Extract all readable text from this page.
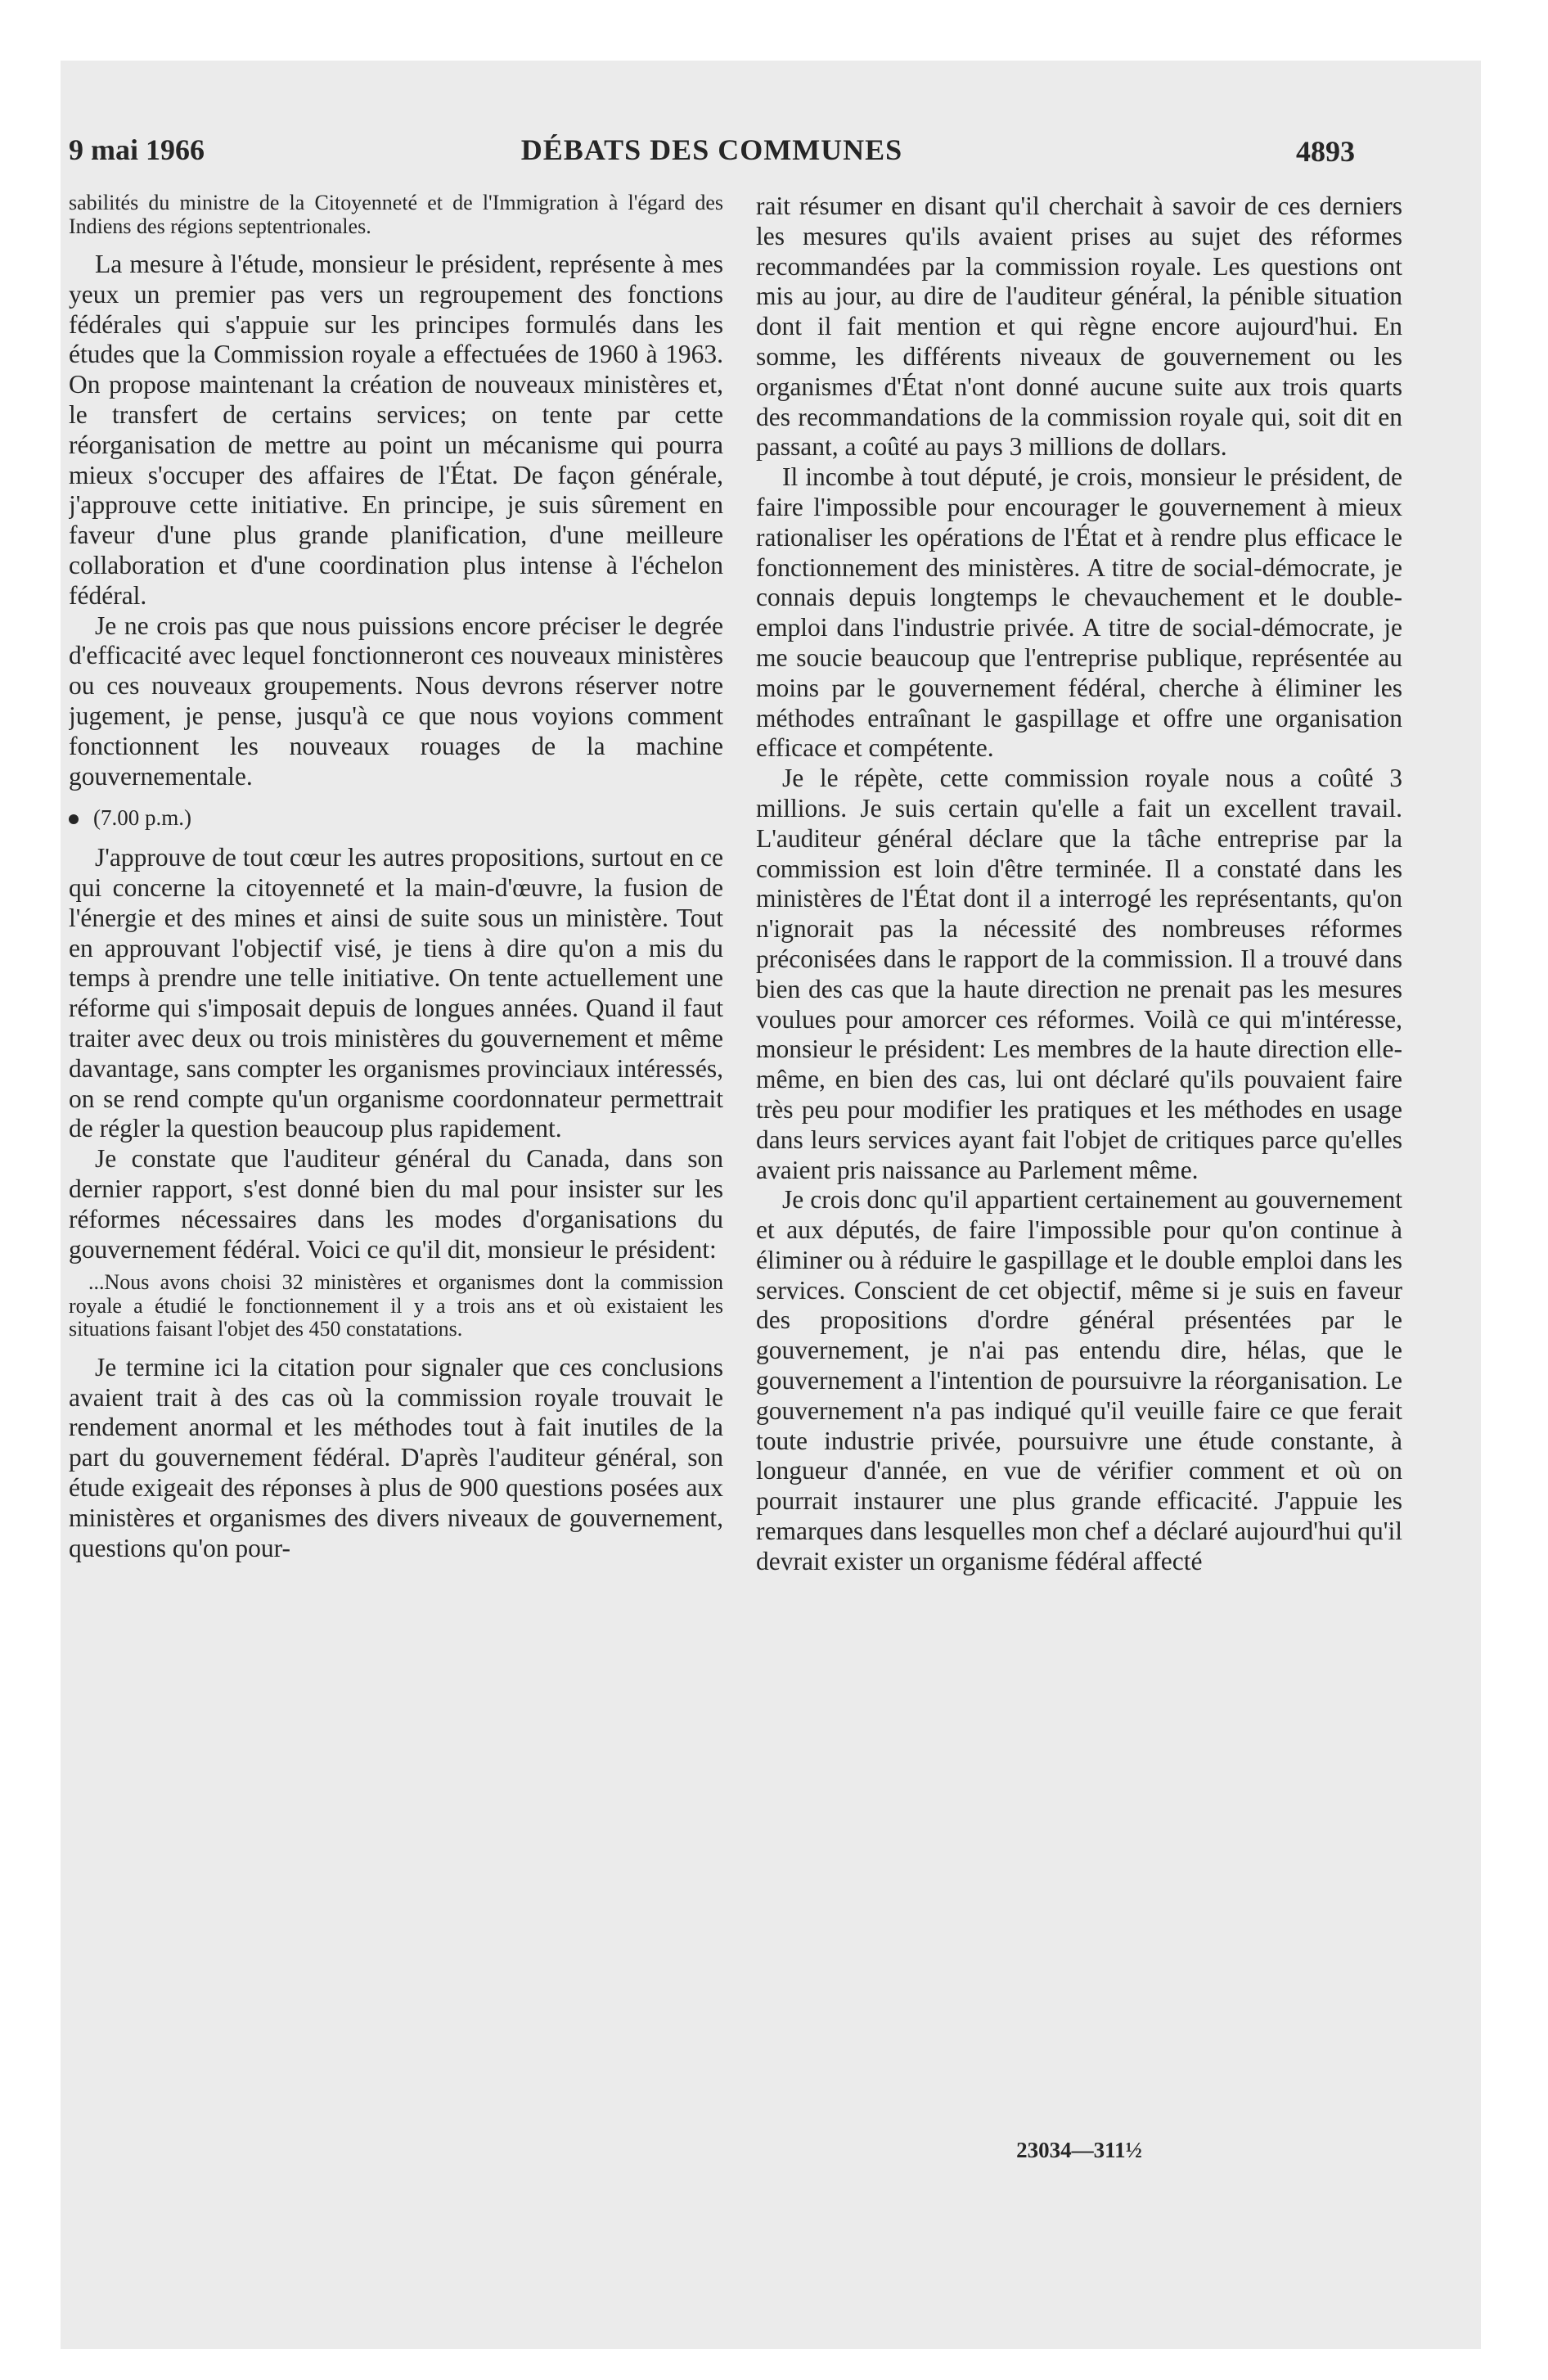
9 mai 1966	DÉBATS DES COMMUNES	4893

sabilités du ministre de la Citoyenneté et de l'Immigration à l'égard des Indiens des régions septentrionales.

La mesure à l'étude, monsieur le président, représente à mes yeux un premier pas vers un regroupement des fonctions fédérales qui s'appuie sur les principes formulés dans les études que la Commission royale a effectuées de 1960 à 1963. On propose maintenant la création de nouveaux ministères et, le transfert de certains services; on tente par cette réorganisation de mettre au point un mécanisme qui pourra mieux s'occuper des affaires de l'État. De façon générale, j'approuve cette initiative. En principe, je suis sûrement en faveur d'une plus grande planification, d'une meilleure collaboration et d'une coordination plus intense à l'échelon fédéral.

Je ne crois pas que nous puissions encore préciser le degrée d'efficacité avec lequel fonctionneront ces nouveaux ministères ou ces nouveaux groupements. Nous devrons réserver notre jugement, je pense, jusqu'à ce que nous voyions comment fonctionnent les nouveaux rouages de la machine gouvernementale.

(7.00 p.m.)

J'approuve de tout cœur les autres propositions, surtout en ce qui concerne la citoyenneté et la main-d'œuvre, la fusion de l'énergie et des mines et ainsi de suite sous un ministère. Tout en approuvant l'objectif visé, je tiens à dire qu'on a mis du temps à prendre une telle initiative. On tente actuellement une réforme qui s'imposait depuis de longues années. Quand il faut traiter avec deux ou trois ministères du gouvernement et même davantage, sans compter les organismes provinciaux intéressés, on se rend compte qu'un organisme coordonnateur permettrait de régler la question beaucoup plus rapidement.

Je constate que l'auditeur général du Canada, dans son dernier rapport, s'est donné bien du mal pour insister sur les réformes nécessaires dans les modes d'organisations du gouvernement fédéral. Voici ce qu'il dit, monsieur le président:

...Nous avons choisi 32 ministères et organismes dont la commission royale a étudié le fonctionnement il y a trois ans et où existaient les situations faisant l'objet des 450 constatations.

Je termine ici la citation pour signaler que ces conclusions avaient trait à des cas où la commission royale trouvait le rendement anormal et les méthodes tout à fait inutiles de la part du gouvernement fédéral. D'après l'auditeur général, son étude exigeait des réponses à plus de 900 questions posées aux ministères et organismes des divers niveaux de gouvernement, questions qu'on pour-

rait résumer en disant qu'il cherchait à savoir de ces derniers les mesures qu'ils avaient prises au sujet des réformes recommandées par la commission royale. Les questions ont mis au jour, au dire de l'auditeur général, la pénible situation dont il fait mention et qui règne encore aujourd'hui. En somme, les différents niveaux de gouvernement ou les organismes d'État n'ont donné aucune suite aux trois quarts des recommandations de la commission royale qui, soit dit en passant, a coûté au pays 3 millions de dollars.

Il incombe à tout député, je crois, monsieur le président, de faire l'impossible pour encourager le gouvernement à mieux rationaliser les opérations de l'État et à rendre plus efficace le fonctionnement des ministères. A titre de social-démocrate, je connais depuis longtemps le chevauchement et le double-emploi dans l'industrie privée. A titre de social-démocrate, je me soucie beaucoup que l'entreprise publique, représentée au moins par le gouvernement fédéral, cherche à éliminer les méthodes entraînant le gaspillage et offre une organisation efficace et compétente.

Je le répète, cette commission royale nous a coûté 3 millions. Je suis certain qu'elle a fait un excellent travail. L'auditeur général déclare que la tâche entreprise par la commission est loin d'être terminée. Il a constaté dans les ministères de l'État dont il a interrogé les représentants, qu'on n'ignorait pas la nécessité des nombreuses réformes préconisées dans le rapport de la commission. Il a trouvé dans bien des cas que la haute direction ne prenait pas les mesures voulues pour amorcer ces réformes. Voilà ce qui m'intéresse, monsieur le président: Les membres de la haute direction elle-même, en bien des cas, lui ont déclaré qu'ils pouvaient faire très peu pour modifier les pratiques et les méthodes en usage dans leurs services ayant fait l'objet de critiques parce qu'elles avaient pris naissance au Parlement même.

Je crois donc qu'il appartient certainement au gouvernement et aux députés, de faire l'impossible pour qu'on continue à éliminer ou à réduire le gaspillage et le double emploi dans les services. Conscient de cet objectif, même si je suis en faveur des propositions d'ordre général présentées par le gouvernement, je n'ai pas entendu dire, hélas, que le gouvernement a l'intention de poursuivre la réorganisation. Le gouvernement n'a pas indiqué qu'il veuille faire ce que ferait toute industrie privée, poursuivre une étude constante, à longueur d'année, en vue de vérifier comment et où on pourrait instaurer une plus grande efficacité. J'appuie les remarques dans lesquelles mon chef a déclaré aujourd'hui qu'il devrait exister un organisme fédéral affecté

23034—311½
